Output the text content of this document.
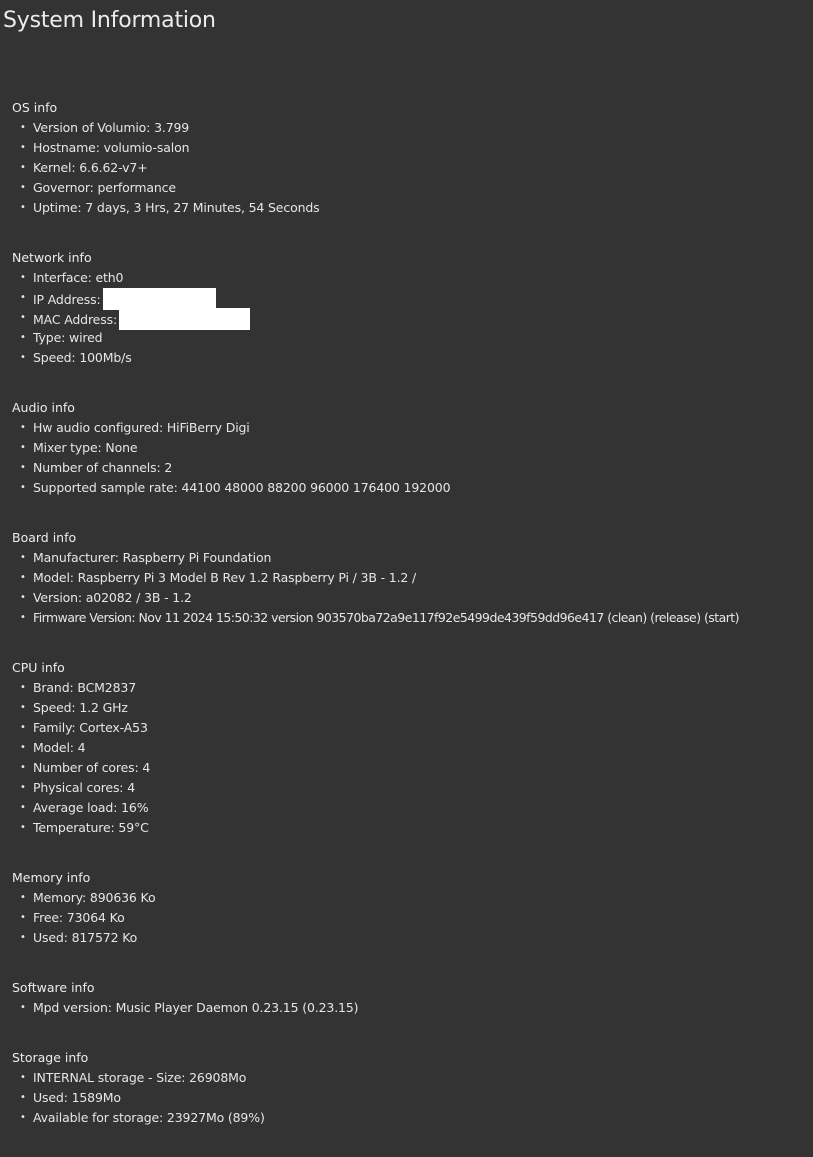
System Information
OS info
• Version of Volumio: 3.799
• Hostname: volumio-salon
• Kernel: 6.6.62-v7+
• Governor: performance
• Uptime: 7 days, 3 Hrs, 27 Minutes, 54 Seconds
Network info
• Interface: eth0
• IP Address:
• MAC Address:
• Type: wired
• Speed: 100Mb/s
Audio info
• Hw audio configured: HiFiBerry Digi
• Mixer type: None
• Number of channels: 2
• Supported sample rate: 44100 48000 88200 96000 176400 192000
Board info
• Manufacturer: Raspberry Pi Foundation
• Model: Raspberry Pi 3 Model B Rev 1.2 Raspberry Pi / 3B - 1.2 /
• Version: a02082 / 3B - 1.2
• Firmware Version: Nov 11 2024 15:50:32 version 903570ba72a9e117f92e5499de439f59dd96e417 (clean) (release) (start)
CPU info
• Brand: BCM2837
• Speed: 1.2 GHz
• Family: Cortex-A53
• Model: 4
• Number of cores: 4
• Physical cores: 4
• Average load: 16%
• Temperature: 59°C
Memory info
• Memory: 890636 Ko
• Free: 73064 Ko
• Used: 817572 Ko
Software info
• Mpd version: Music Player Daemon 0.23.15 (0.23.15)
Storage info
• INTERNAL storage - Size: 26908Mo
• Used: 1589Mo
• Available for storage: 23927Mo (89%)
